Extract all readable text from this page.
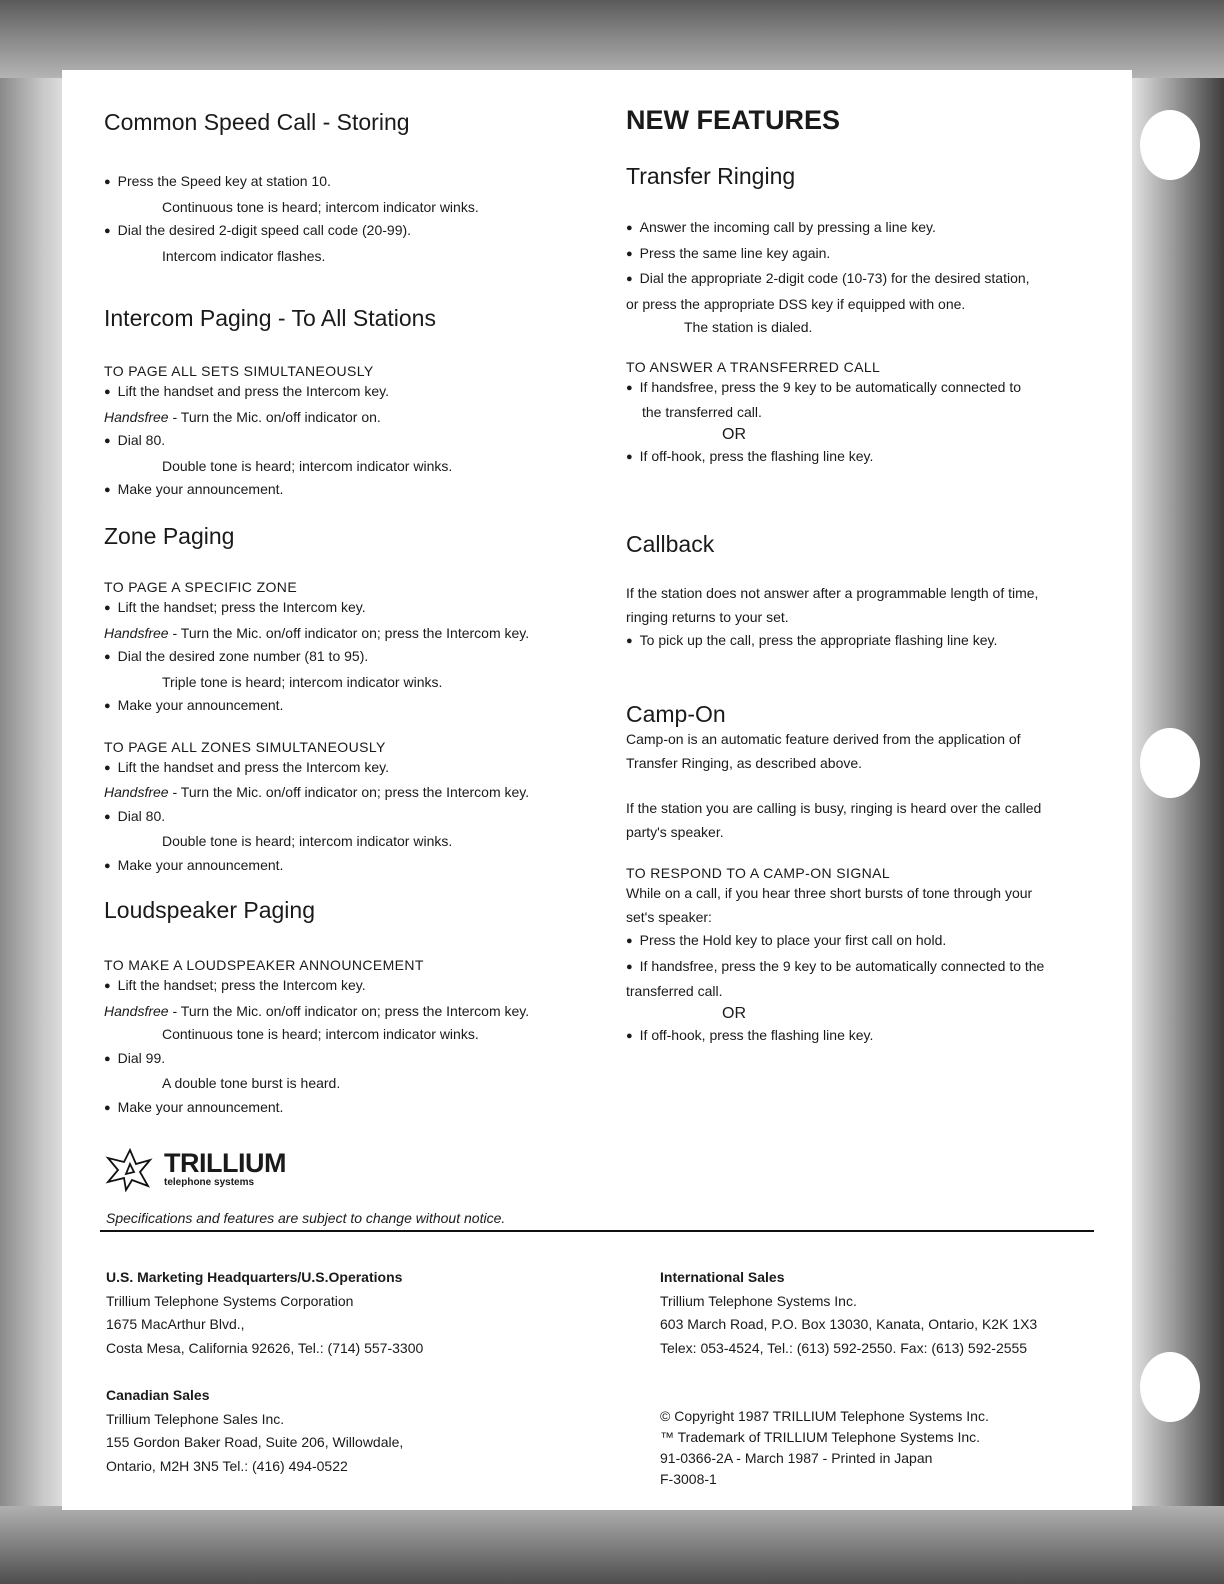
Common Speed Call - Storing

● Press the Speed key at station 10.

Continuous tone is heard; intercom indicator winks.

● Dial the desired 2-digit speed call code (20-99).

Intercom indicator flashes.

Intercom Paging - To All Stations

TO PAGE ALL SETS SIMULTANEOUSLY

● Lift the handset and press the Intercom key.

Handsfree - Turn the Mic. on/off indicator on.

● Dial 80.

Double tone is heard; intercom indicator winks.

● Make your announcement.

Zone Paging

TO PAGE A SPECIFIC ZONE

● Lift the handset; press the Intercom key.

Handsfree - Turn the Mic. on/off indicator on; press the Intercom key.

● Dial the desired zone number (81 to 95).

Triple tone is heard; intercom indicator winks.

● Make your announcement.

TO PAGE ALL ZONES SIMULTANEOUSLY

● Lift the handset and press the Intercom key.

Handsfree - Turn the Mic. on/off indicator on; press the Intercom key.

● Dial 80.

Double tone is heard; intercom indicator winks.

● Make your announcement.

Loudspeaker Paging

TO MAKE A LOUDSPEAKER ANNOUNCEMENT

● Lift the handset; press the Intercom key.

Handsfree - Turn the Mic. on/off indicator on; press the Intercom key.

Continuous tone is heard; intercom indicator winks.

● Dial 99.

A double tone burst is heard.

● Make your announcement.

NEW FEATURES
Transfer Ringing

● Answer the incoming call by pressing a line key.

● Press the same line key again.

● Dial the appropriate 2-digit code (10-73) for the desired station,

or press the appropriate DSS key if equipped with one.

The station is dialed.

TO ANSWER A TRANSFERRED CALL

● If handsfree, press the 9 key to be automatically connected to

the transferred call.

OR

● If off-hook, press the flashing line key.

Callback

If the station does not answer after a programmable length of time,

ringing returns to your set.

● To pick up the call, press the appropriate flashing line key.

Camp-On

Camp-on is an automatic feature derived from the application of

Transfer Ringing, as described above.

If the station you are calling is busy, ringing is heard over the called

party's speaker.

TO RESPOND TO A CAMP-ON SIGNAL

While on a call, if you hear three short bursts of tone through your

set's speaker:

● Press the Hold key to place your first call on hold.

● If handsfree, press the 9 key to be automatically connected to the

transferred call.

OR

● If off-hook, press the flashing line key.

TRILLIUM
telephone systems
Specifications and features are subject to change without notice.
U.S. Marketing Headquarters/U.S.Operations
Trillium Telephone Systems Corporation
1675 MacArthur Blvd.,
Costa Mesa, California 92626, Tel.: (714) 557-3300
Canadian Sales
Trillium Telephone Sales Inc.
155 Gordon Baker Road, Suite 206, Willowdale,
Ontario, M2H 3N5 Tel.: (416) 494-0522
International Sales
Trillium Telephone Systems Inc.
603 March Road, P.O. Box 13030, Kanata, Ontario, K2K 1X3
Telex: 053-4524, Tel.: (613) 592-2550. Fax: (613) 592-2555
© Copyright 1987 TRILLIUM Telephone Systems Inc.
™ Trademark of TRILLIUM Telephone Systems Inc.
91-0366-2A - March 1987 - Printed in Japan
F-3008-1
